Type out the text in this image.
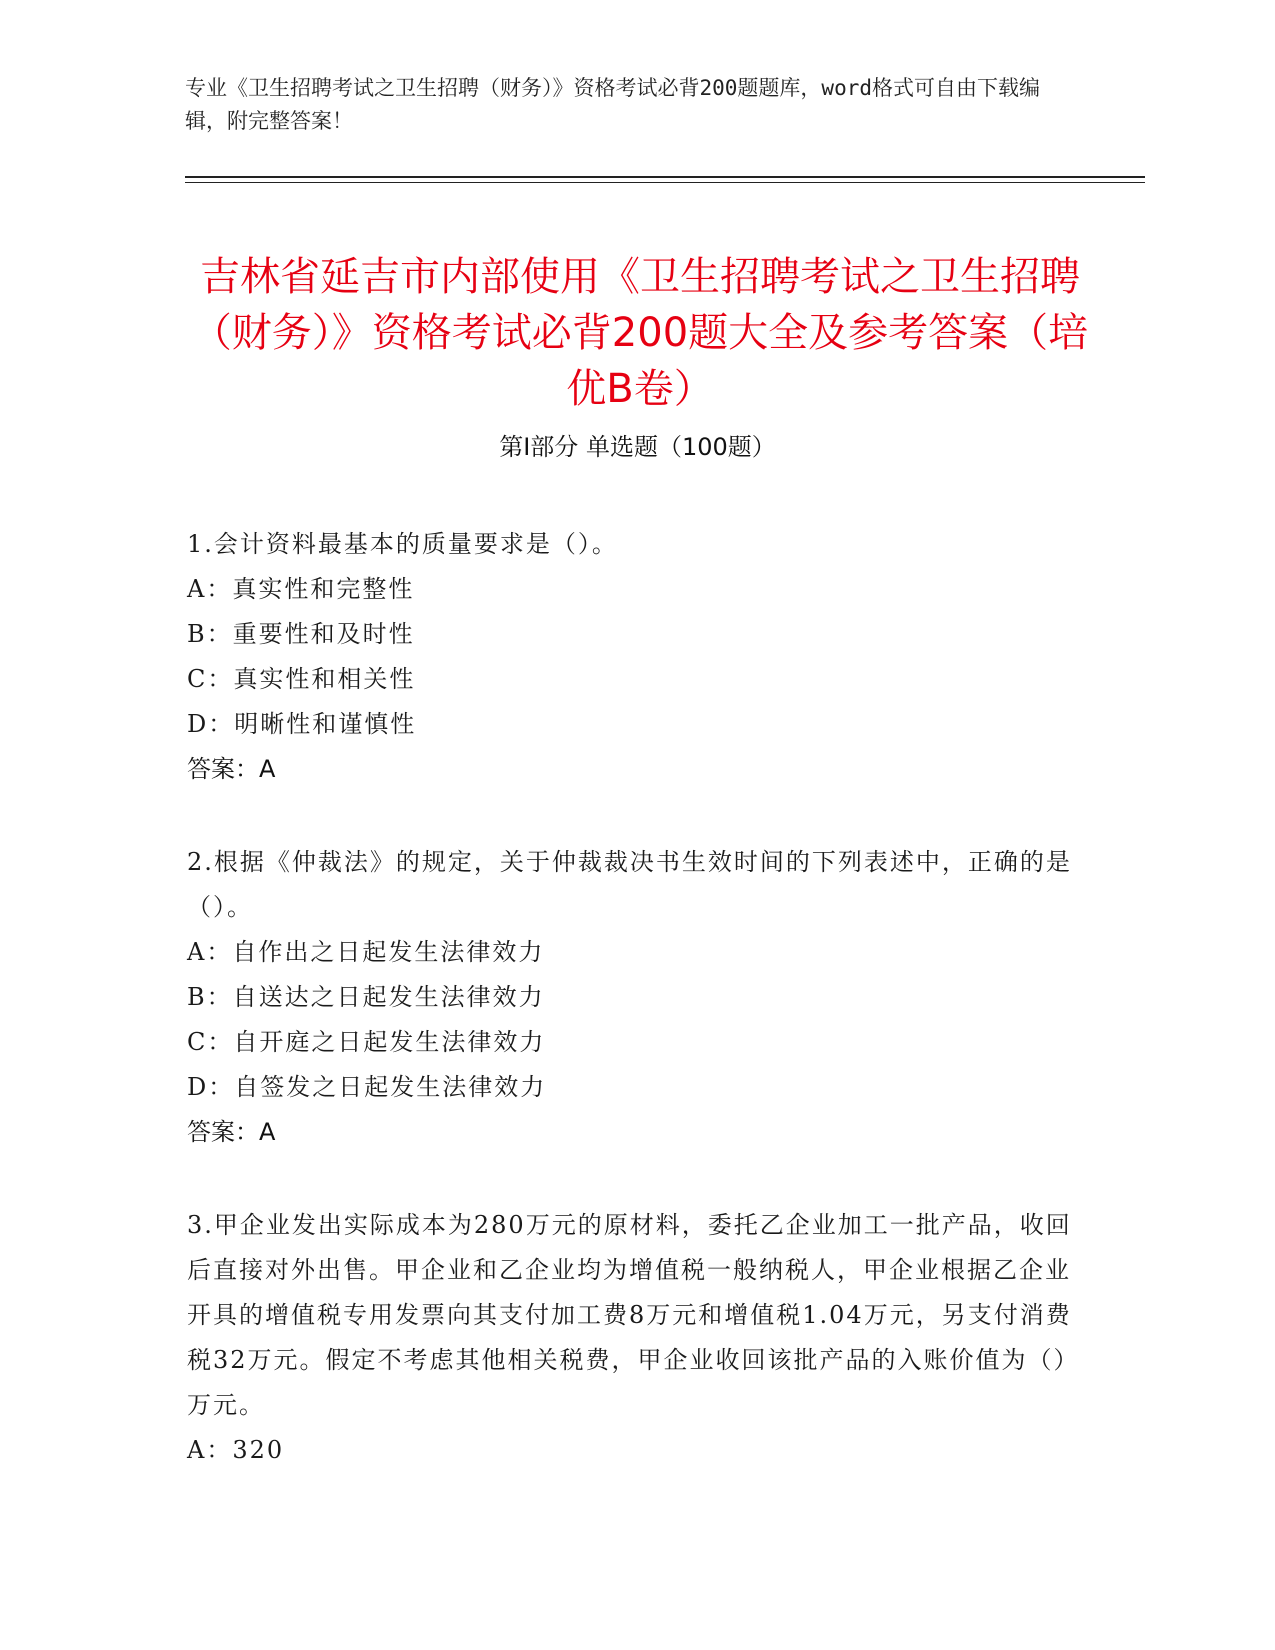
专业《卫生招聘考试之卫生招聘（财务）》资格考试必背200题题库，word格式可自由下载编辑，附完整答案！
吉林省延吉市内部使用《卫生招聘考试之卫生招聘（财务）》资格考试必背200题大全及参考答案（培优B卷）
第Ⅰ部分 单选题（100题）
1.会计资料最基本的质量要求是（）。
A：真实性和完整性
B：重要性和及时性
C：真实性和相关性
D：明晰性和谨慎性
答案：A
2.根据《仲裁法》的规定，关于仲裁裁决书生效时间的下列表述中，正确的是（）。
A：自作出之日起发生法律效力
B：自送达之日起发生法律效力
C：自开庭之日起发生法律效力
D：自签发之日起发生法律效力
答案：A
3.甲企业发出实际成本为280万元的原材料，委托乙企业加工一批产品，收回后直接对外出售。甲企业和乙企业均为增值税一般纳税人，甲企业根据乙企业开具的增值税专用发票向其支付加工费8万元和增值税1.04万元，另支付消费税32万元。假定不考虑其他相关税费，甲企业收回该批产品的入账价值为（）万元。
A：320
